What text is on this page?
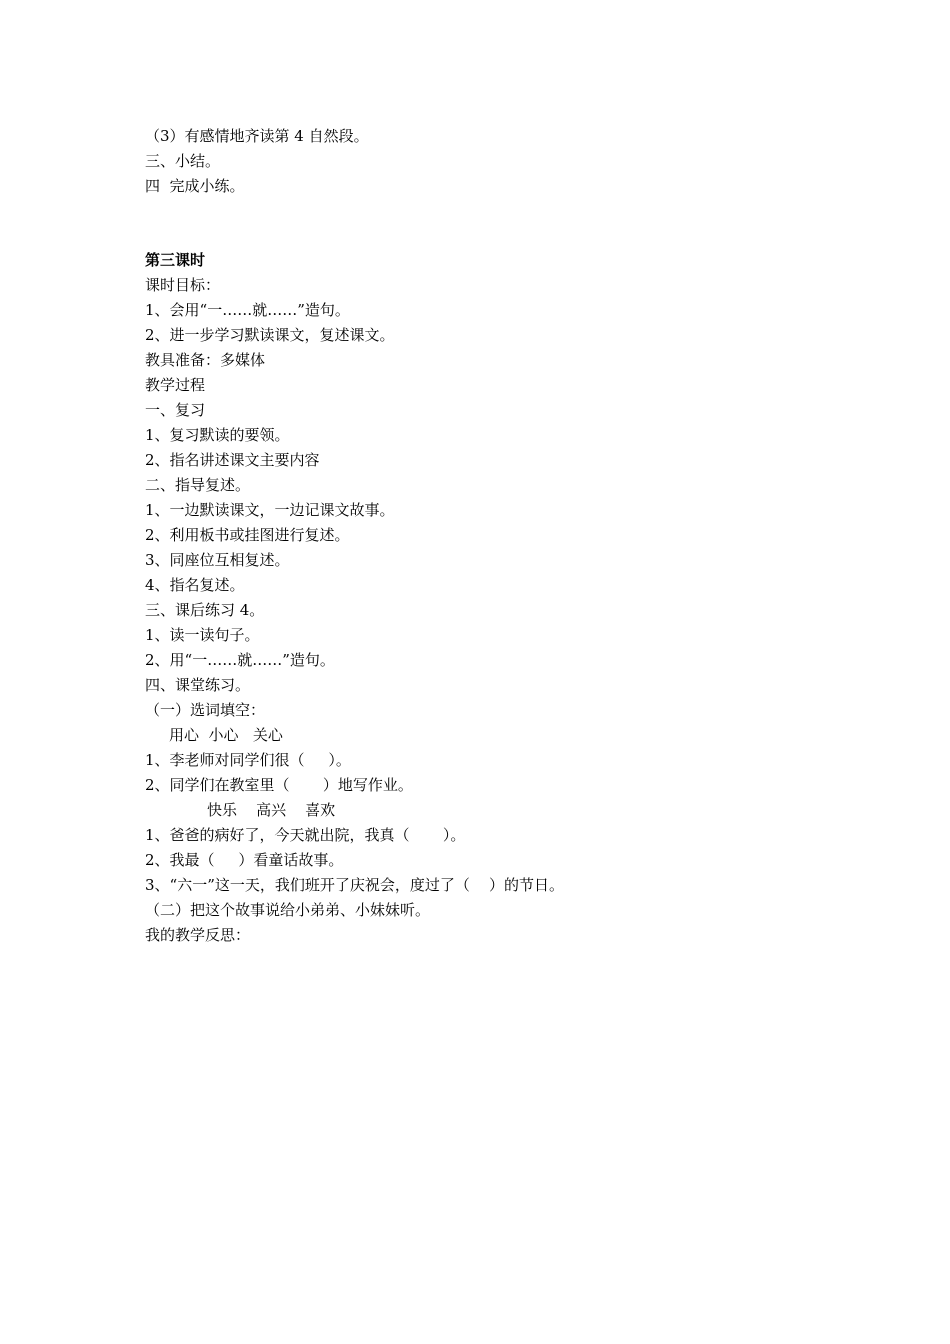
（3）有感情地齐读第 4 自然段。
三、小结。
四  完成小练。
第三课时
课时目标：
1、会用“一……就……”造句。
2、进一步学习默读课文，复述课文。
教具准备：多媒体
教学过程
一、复习
1、复习默读的要领。
2、指名讲述课文主要内容
二、指导复述。
1、一边默读课文，一边记课文故事。
2、利用板书或挂图进行复述。
3、同座位互相复述。
4、指名复述。
三、课后练习 4。
1、读一读句子。
2、用“一……就……”造句。
四、课堂练习。
（一）选词填空：
用心  小心   关心
1、李老师对同学们很（     ）。
2、同学们在教室里（       ）地写作业。
快乐    高兴    喜欢
1、爸爸的病好了，今天就出院，我真（       ）。
2、我最（     ）看童话故事。
3、“六一”这一天，我们班开了庆祝会，度过了（    ）的节日。
（二）把这个故事说给小弟弟、小妹妹听。
我的教学反思：
